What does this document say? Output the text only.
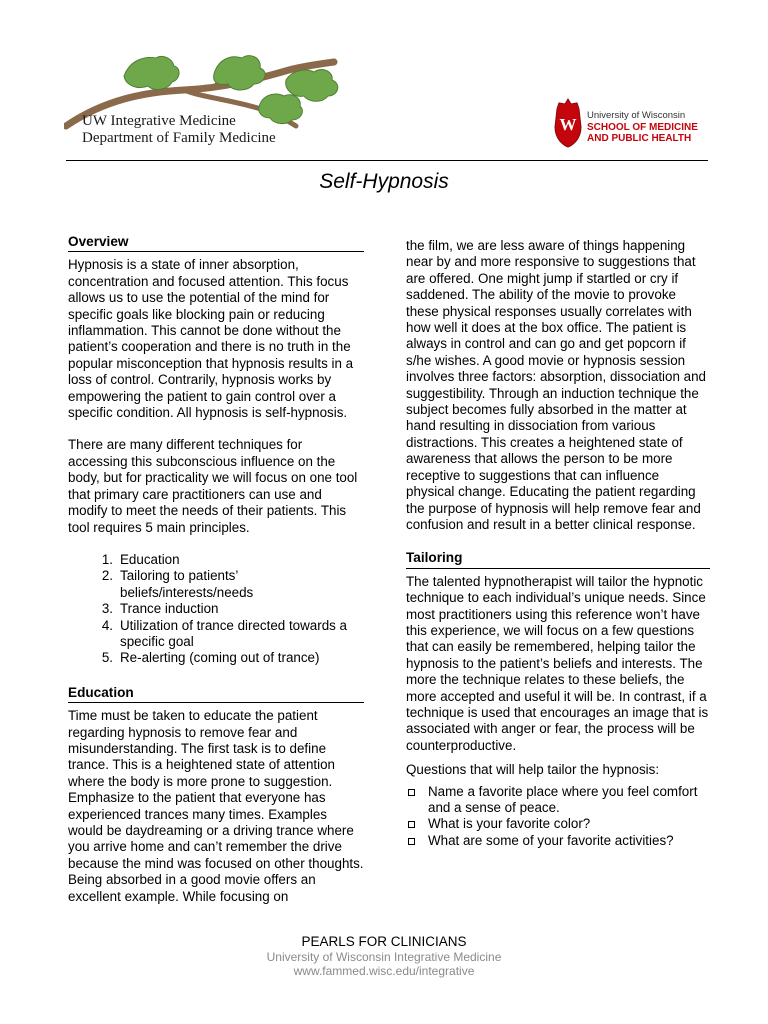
UW Integrative Medicine
Department of Family Medicine
W University of Wisconsin
SCHOOL OF MEDICINE
AND PUBLIC HEALTH
Self-Hypnosis
Overview

Hypnosis is a state of inner absorption, concentration and focused attention. This focus allows us to use the potential of the mind for specific goals like blocking pain or reducing inflammation. This cannot be done without the patient’s cooperation and there is no truth in the popular misconception that hypnosis results in a loss of control. Contrarily, hypnosis works by empowering the patient to gain control over a specific condition. All hypnosis is self-hypnosis.

There are many different techniques for accessing this subconscious influence on the body, but for practicality we will focus on one tool that primary care practitioners can use and modify to meet the needs of their patients. This tool requires 5 main principles.

1. Education
2. Tailoring to patients’ beliefs/interests/needs
3. Trance induction
4. Utilization of trance directed towards a specific goal
5. Re-alerting (coming out of trance)
Education

Time must be taken to educate the patient regarding hypnosis to remove fear and misunderstanding. The first task is to define trance. This is a heightened state of attention where the body is more prone to suggestion. Emphasize to the patient that everyone has experienced trances many times. Examples would be daydreaming or a driving trance where you arrive home and can’t remember the drive because the mind was focused on other thoughts. Being absorbed in a good movie offers an excellent example. While focusing on

the film, we are less aware of things happening near by and more responsive to suggestions that are offered. One might jump if startled or cry if saddened. The ability of the movie to provoke these physical responses usually correlates with how well it does at the box office. The patient is always in control and can go and get popcorn if s/he wishes. A good movie or hypnosis session involves three factors: absorption, dissociation and suggestibility. Through an induction technique the subject becomes fully absorbed in the matter at hand resulting in dissociation from various distractions. This creates a heightened state of awareness that allows the person to be more receptive to suggestions that can influence physical change. Educating the patient regarding the purpose of hypnosis will help remove fear and confusion and result in a better clinical response.

Tailoring

The talented hypnotherapist will tailor the hypnotic technique to each individual’s unique needs. Since most practitioners using this reference won’t have this experience, we will focus on a few questions that can easily be remembered, helping tailor the hypnosis to the patient’s beliefs and interests. The more the technique relates to these beliefs, the more accepted and useful it will be. In contrast, if a technique is used that encourages an image that is associated with anger or fear, the process will be counterproductive.

Questions that will help tailor the hypnosis:

Name a favorite place where you feel comfort and a sense of peace.
What is your favorite color?
What are some of your favorite activities?
PEARLS FOR CLINICIANS
University of Wisconsin Integrative Medicine
www.fammed.wisc.edu/integrative
